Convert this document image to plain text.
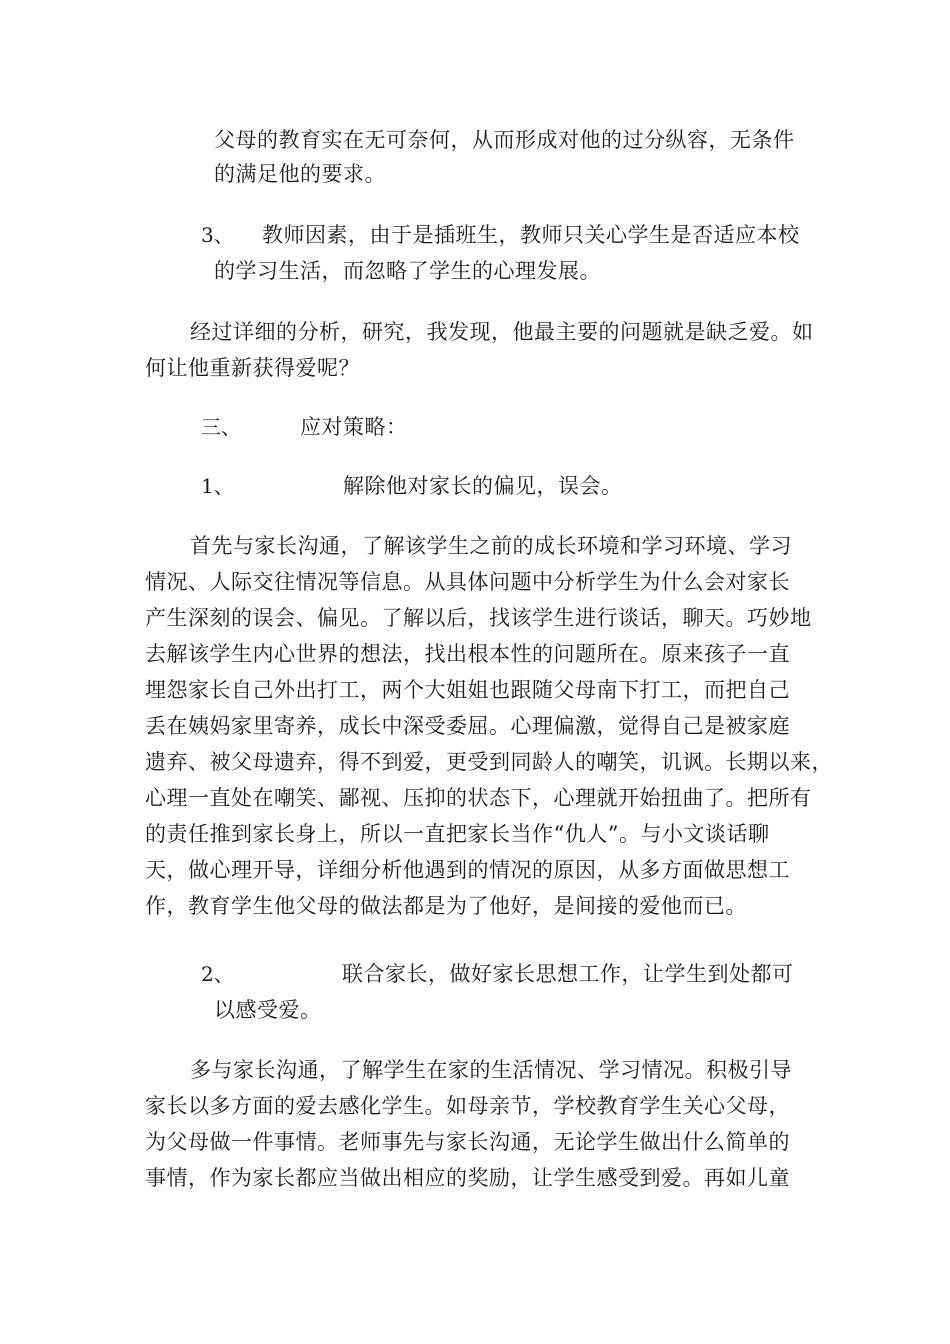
父母的教育实在无可奈何，从而形成对他的过分纵容，无条件
的满足他的要求。
3、 教师因素，由于是插班生，教师只关心学生是否适应本校
的学习生活，而忽略了学生的心理发展。
经过详细的分析，研究，我发现，他最主要的问题就是缺乏爱。如
何让他重新获得爱呢？
三、	应对策略：
1、	解除他对家长的偏见，误会。
首先与家长沟通，了解该学生之前的成长环境和学习环境、学习
情况、人际交往情况等信息。从具体问题中分析学生为什么会对家长
产生深刻的误会、偏见。了解以后，找该学生进行谈话，聊天。巧妙地
去解该学生内心世界的想法，找出根本性的问题所在。原来孩子一直
埋怨家长自己外出打工，两个大姐姐也跟随父母南下打工，而把自己
丢在姨妈家里寄养，成长中深受委屈。心理偏激，觉得自己是被家庭
遗弃、被父母遗弃，得不到爱，更受到同龄人的嘲笑，讥讽。长期以来，
心理一直处在嘲笑、鄙视、压抑的状态下，心理就开始扭曲了。把所有
的责任推到家长身上，所以一直把家长当作“仇人”。与小文谈话聊
天，做心理开导，详细分析他遇到的情况的原因，从多方面做思想工
作，教育学生他父母的做法都是为了他好，是间接的爱他而已。
2、	联合家长，做好家长思想工作，让学生到处都可
以感受爱。
多与家长沟通，了解学生在家的生活情况、学习情况。积极引导
家长以多方面的爱去感化学生。如母亲节，学校教育学生关心父母，
为父母做一件事情。老师事先与家长沟通，无论学生做出什么简单的
事情，作为家长都应当做出相应的奖励，让学生感受到爱。再如儿童
